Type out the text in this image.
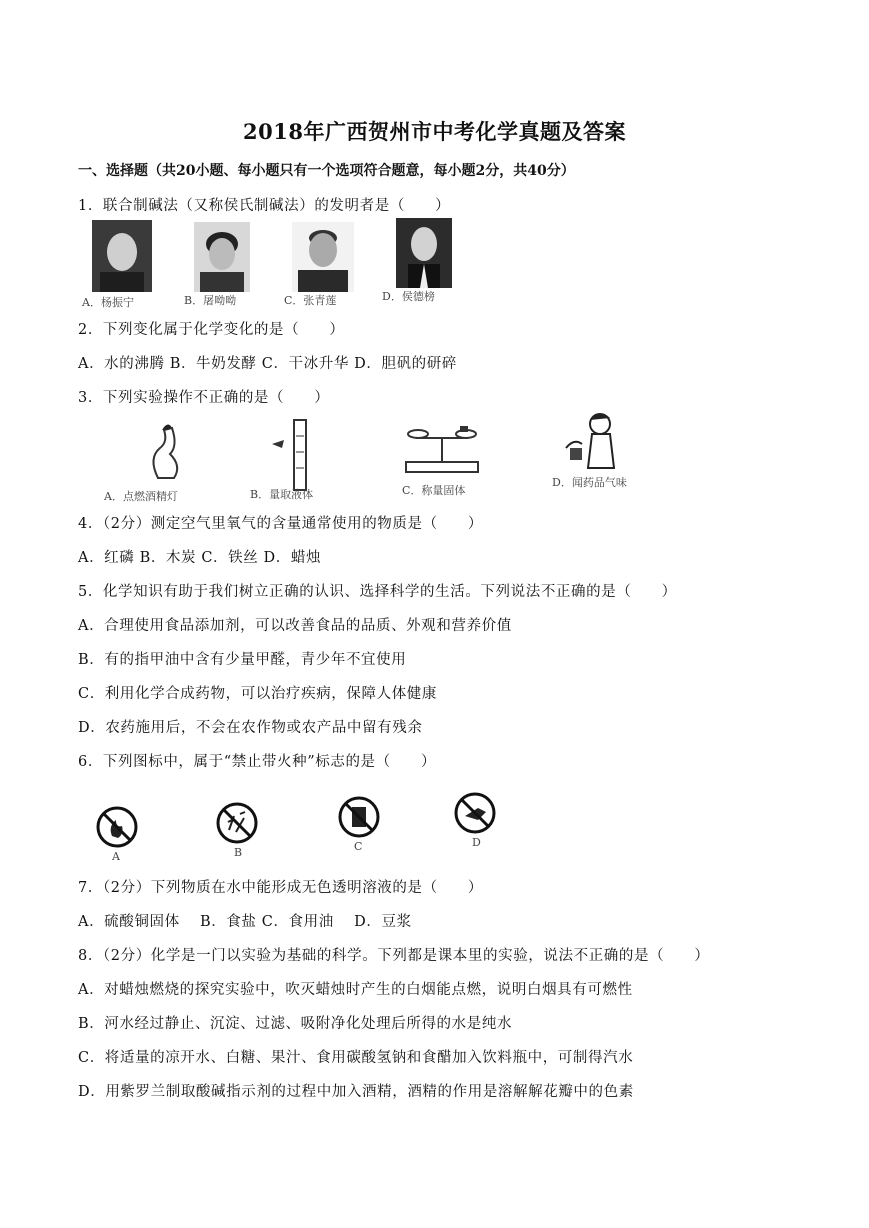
2018年广西贺州市中考化学真题及答案
一、选择题（共20小题、每小题只有一个选项符合题意，每小题2分，共40分）
1．联合制碱法（又称侯氏制碱法）的发明者是（　　）
A．杨振宁	B．屠呦呦	C．张青莲	D．侯德榜
2．下列变化属于化学变化的是（　　）
A．水的沸腾 B．牛奶发酵 C．干冰升华 D．胆矾的研碎
3．下列实验操作不正确的是（　　）
A．点燃酒精灯	B．量取液体	C．称量固体
D．闻药品气味
4．（2分）测定空气里氧气的含量通常使用的物质是（　　）
A．红磷 B．木炭 C．铁丝 D．蜡烛
5．化学知识有助于我们树立正确的认识、选择科学的生活。下列说法不正确的是（　　）
A．合理使用食品添加剂，可以改善食品的品质、外观和营养价值
B．有的指甲油中含有少量甲醛，青少年不宜使用
C．利用化学合成药物，可以治疗疾病，保障人体健康
D．农药施用后，不会在农作物或农产品中留有残余
6．下列图标中，属于“禁止带火种”标志的是（　　）
A	B	C	D
7．（2分）下列物质在水中能形成无色透明溶液的是（　　）
A．硫酸铜固体　 B．食盐 C．食用油　 D．豆浆
8．（2分）化学是一门以实验为基础的科学。下列都是课本里的实验，说法不正确的是（　　）
A．对蜡烛燃烧的探究实验中，吹灭蜡烛时产生的白烟能点燃，说明白烟具有可燃性
B．河水经过静止、沉淀、过滤、吸附净化处理后所得的水是纯水
C．将适量的凉开水、白糖、果汁、食用碳酸氢钠和食醋加入饮料瓶中，可制得汽水
D．用紫罗兰制取酸碱指示剂的过程中加入酒精，酒精的作用是溶解解花瓣中的色素
